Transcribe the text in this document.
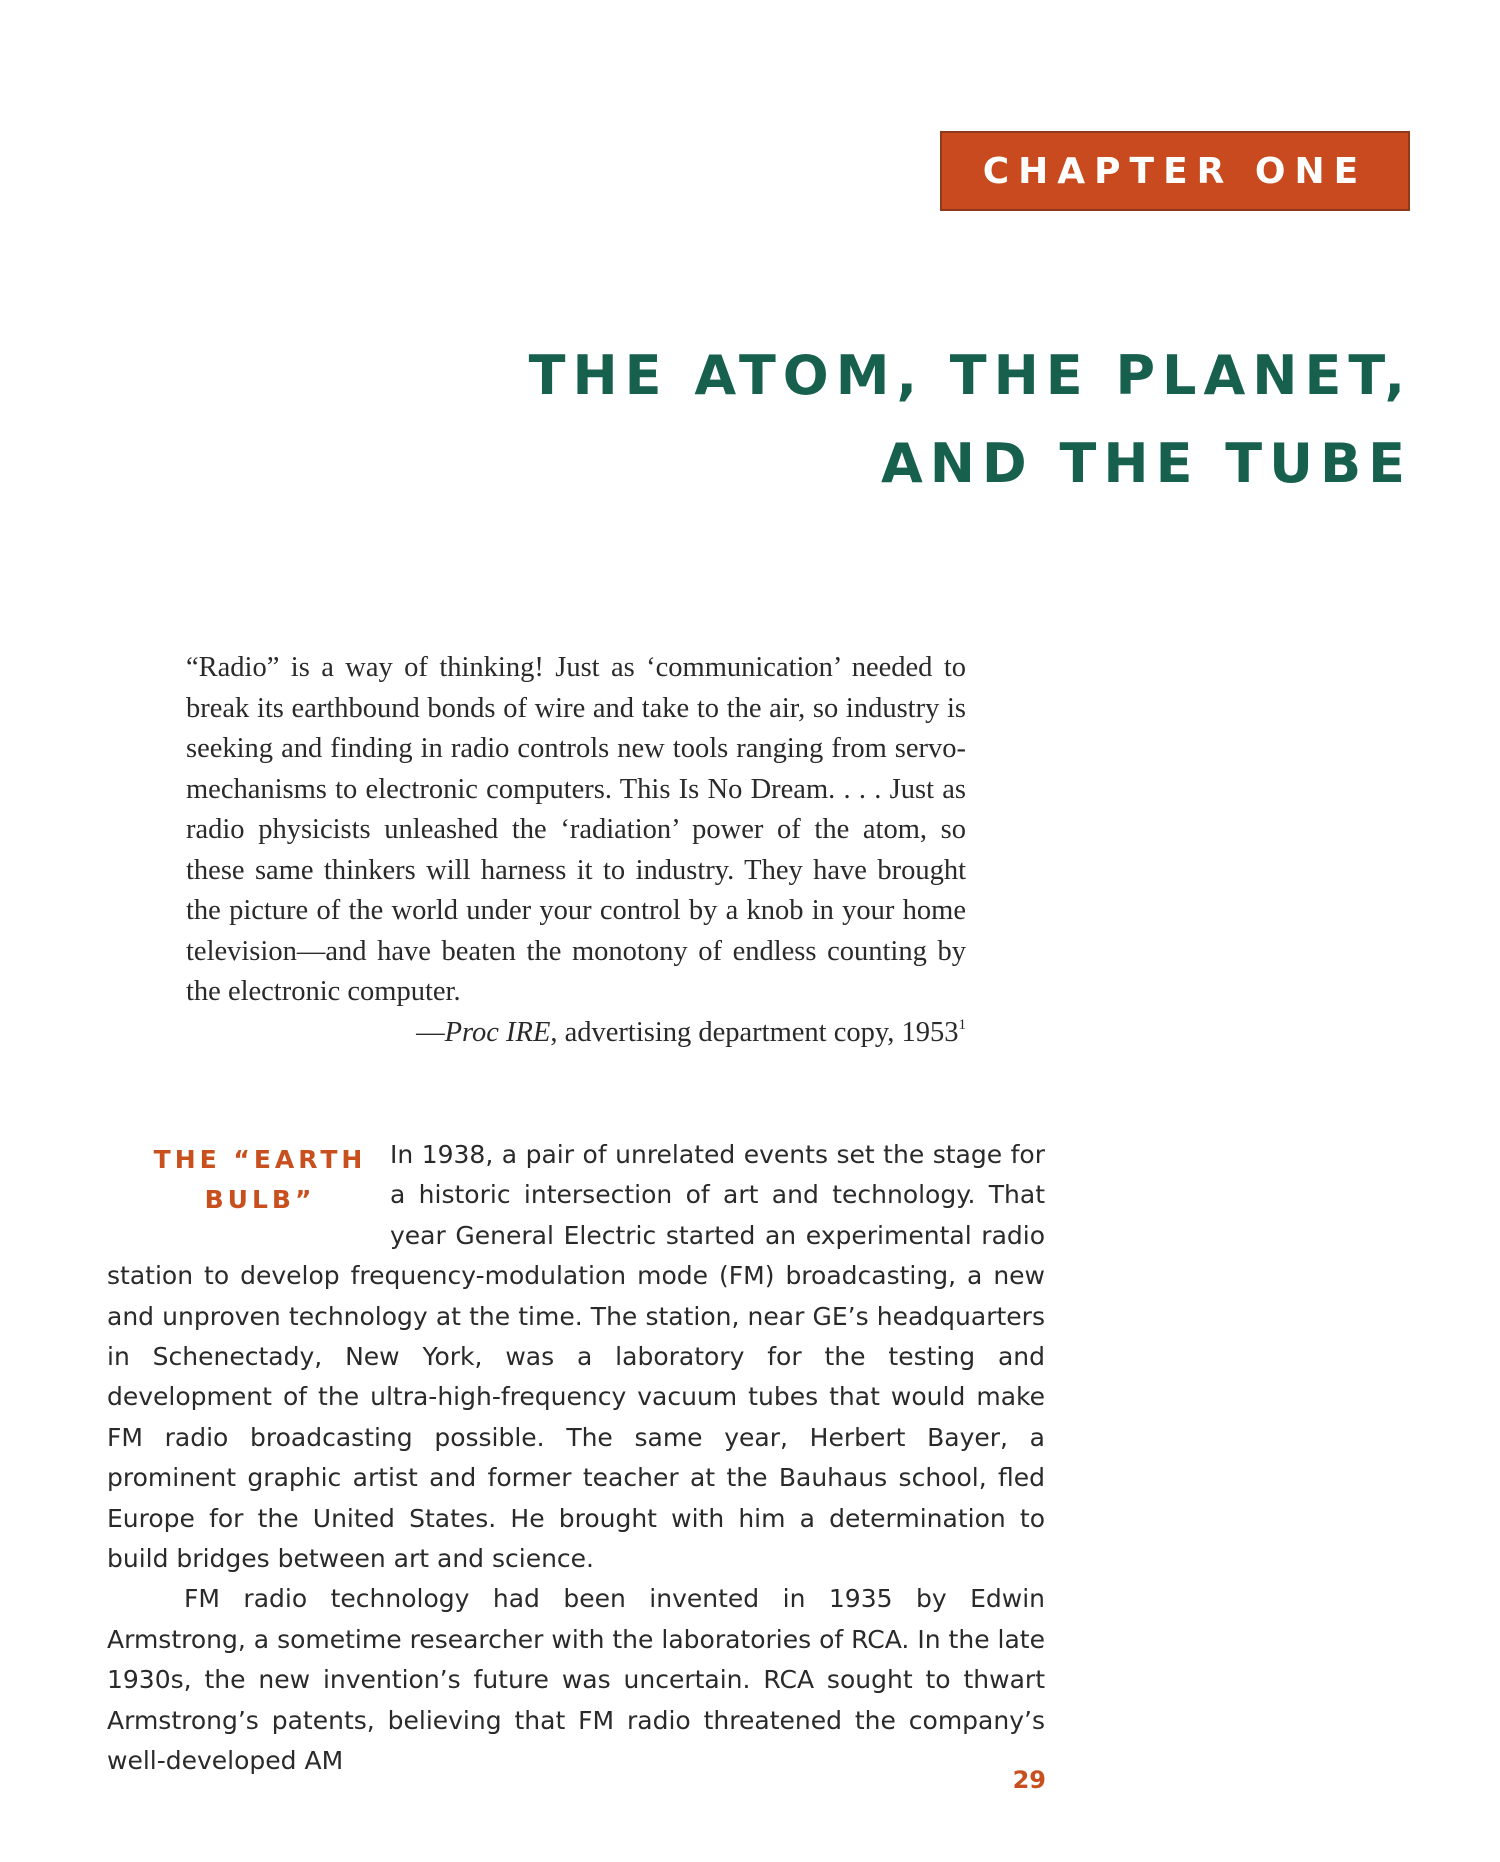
CHAPTER ONE
THE ATOM, THE PLANET,
AND THE TUBE

“Radio” is a way of thinking! Just as ‘communication’ needed to break its earthbound bonds of wire and take to the air, so industry is seeking and finding in radio controls new tools ranging from servo-mechanisms to electronic computers. This Is No Dream. . . . Just as radio physicists unleashed the ‘radiation’ power of the atom, so these same thinkers will harness it to industry. They have brought the picture of the world under your control by a knob in your home television—and have beaten the monotony of endless counting by the electronic computer.

—Proc IRE, advertising department copy, 1953$^1$
THE “EARTH
BULB”

In 1938, a pair of unrelated events set the stage for a historic intersection of art and technology. That year General Electric started an experimental radio station to develop frequency-modulation mode (FM) broadcasting, a new and unproven technology at the time. The station, near GE’s headquarters in Schenectady, New York, was a laboratory for the testing and development of the ultra-high-frequency vacuum tubes that would make FM radio broadcasting possible. The same year, Herbert Bayer, a prominent graphic artist and former teacher at the Bauhaus school, fled Europe for the United States. He brought with him a determination to build bridges between art and science.

FM radio technology had been invented in 1935 by Edwin Armstrong, a sometime researcher with the laboratories of RCA. In the late 1930s, the new invention’s future was uncertain. RCA sought to thwart Armstrong’s patents, believing that FM radio threatened the company’s well-developed AM

29
